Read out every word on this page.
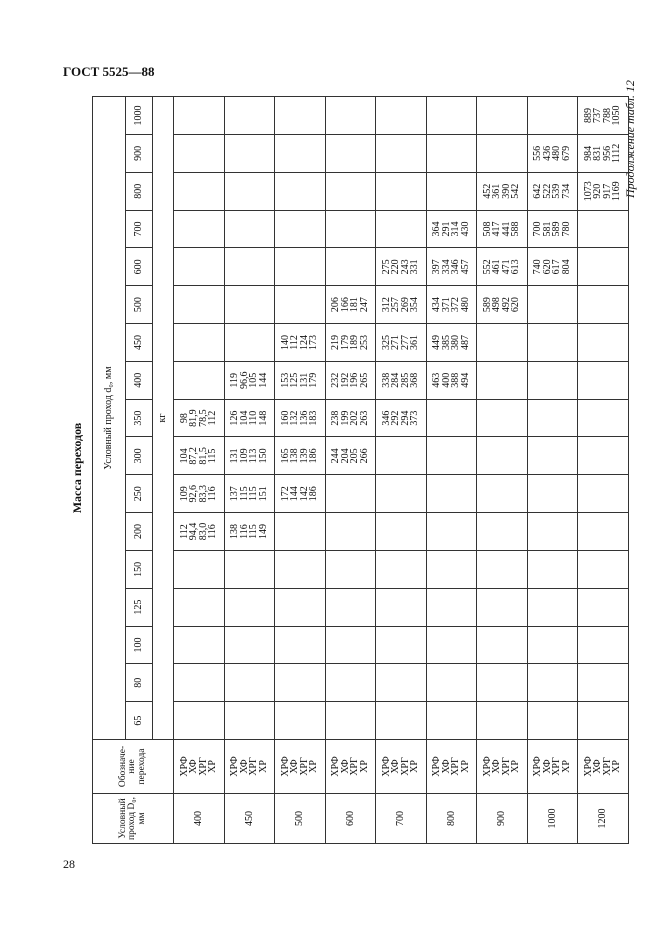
ГОСТ 5525—88
28
Продолжение табл. 12
Масса переходов
Условный проход D₀, мм	Обозначение перехода	Условный проход d₀, мм																
		65	80	100	125	150	200	250	300	350	400	450	500	600	700	800	900	1000
		кг																
400	ХРФ
ХФ
ХРГ
ХР						112
94,4
83,0
116	109
92,6
83,3
116	104
87,2
81,5
115	98
81,9
78,5
112								
450	ХРФ
ХФ
ХРГ
ХР						138
116
115
149	137
115
115
151	131
109
113
150	126
104
110
148	119
96,6
105
144							
500	ХРФ
ХФ
ХРГ
ХР							172
144
142
186	165
138
139
186	160
132
136
183	153
125
131
179	140
112
124
173						
600	ХРФ
ХФ
ХРГ
ХР								244
204
205
266	238
199
202
263	232
192
196
265	219
179
189
253	206
166
181
247					
700	ХРФ
ХФ
ХРГ
ХР									346
292
294
373	338
284
285
368	325
271
277
361	312
257
269
354	275
220
243
331				
800	ХРФ
ХФ
ХРГ
ХР										463
400
388
494	449
385
380
487	434
371
372
480	397
334
346
457	364
291
314
430			
900	ХРФ
ХФ
ХРГ
ХР												589
498
492
620	552
461
471
613	508
417
441
588	452
361
390
542		
1000	ХРФ
ХФ
ХРГ
ХР													740
620
617
804	700
581
589
780	642
522
539
734	556
436
480
679	
1200	ХРФ
ХФ
ХРГ
ХР															1073
920
917
1169	984
831
956
1112	889
737
788
1050
